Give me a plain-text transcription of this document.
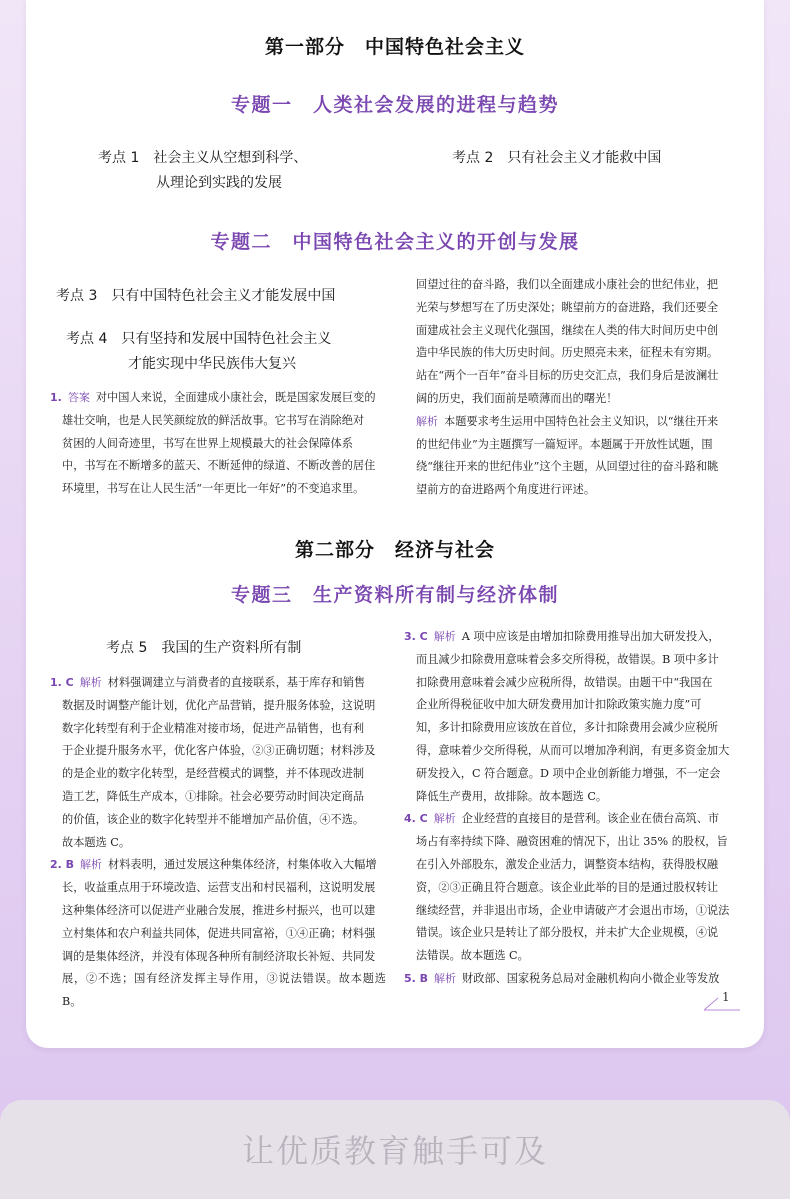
第一部分　中国特色社会主义
专题一　人类社会发展的进程与趋势
考点 1 社会主义从空想到科学、
从理论到实践的发展
考点 2 只有社会主义才能救中国
专题二　中国特色社会主义的开创与发展
考点 3 只有中国特色社会主义才能发展中国
考点 4 只有坚持和发展中国特色社会主义
才能实现中华民族伟大复兴
1. 答案 对中国人来说，全面建成小康社会，既是国家发展巨变的
雄壮交响，也是人民笑颜绽放的鲜活故事。它书写在消除绝对
贫困的人间奇迹里，书写在世界上规模最大的社会保障体系
中，书写在不断增多的蓝天、不断延伸的绿道、不断改善的居住
环境里，书写在让人民生活“一年更比一年好”的不变追求里。
回望过往的奋斗路，我们以全面建成小康社会的世纪伟业，把
光荣与梦想写在了历史深处；眺望前方的奋进路，我们还要全
面建成社会主义现代化强国，继续在人类的伟大时间历史中创
造中华民族的伟大历史时间。历史照亮未来，征程未有穷期。
站在“两个一百年”奋斗目标的历史交汇点，我们身后是波澜壮
阔的历史，我们面前是喷薄而出的曙光！
解析 本题要求考生运用中国特色社会主义知识，以“继往开来
的世纪伟业”为主题撰写一篇短评。本题属于开放性试题，围
绕“继往开来的世纪伟业”这个主题，从回望过往的奋斗路和眺
望前方的奋进路两个角度进行评述。
第二部分　经济与社会
专题三　生产资料所有制与经济体制
考点 5 我国的生产资料所有制
1. C 解析 材料强调建立与消费者的直接联系，基于库存和销售
数据及时调整产能计划，优化产品营销，提升服务体验，这说明
数字化转型有利于企业精准对接市场，促进产品销售，也有利
于企业提升服务水平，优化客户体验，②③正确切题；材料涉及
的是企业的数字化转型，是经营模式的调整，并不体现改进制
造工艺，降低生产成本，①排除。社会必要劳动时间决定商品
的价值，该企业的数字化转型并不能增加产品价值，④不选。
故本题选 C。
2. B 解析 材料表明，通过发展这种集体经济，村集体收入大幅增
长，收益重点用于环境改造、运营支出和村民福利，这说明发展
这种集体经济可以促进产业融合发展，推进乡村振兴，也可以建
立村集体和农户利益共同体，促进共同富裕，①④正确；材料强
调的是集体经济，并没有体现各种所有制经济取长补短、共同发
展，②不选；国有经济发挥主导作用，③说法错误。故本题选 B。
3. C 解析 A 项中应该是由增加扣除费用推导出加大研发投入，
而且减少扣除费用意味着会多交所得税，故错误。B 项中多计
扣除费用意味着会减少应税所得，故错误。由题干中“我国在
企业所得税征收中加大研发费用加计扣除政策实施力度”可
知，多计扣除费用应该放在首位，多计扣除费用会减少应税所
得，意味着少交所得税，从而可以增加净利润，有更多资金加大
研发投入，C 符合题意。D 项中企业创新能力增强，不一定会
降低生产费用，故排除。故本题选 C。
4. C 解析 企业经营的直接目的是营利。该企业在债台高筑、市
场占有率持续下降、融资困难的情况下，出让 35% 的股权，旨
在引入外部股东，激发企业活力，调整资本结构，获得股权融
资，②③正确且符合题意。该企业此举的目的是通过股权转让
继续经营，并非退出市场，企业申请破产才会退出市场，①说法
错误。该企业只是转让了部分股权，并未扩大企业规模，④说
法错误。故本题选 C。
5. B 解析 财政部、国家税务总局对金融机构向小微企业等发放
1
让优质教育触手可及
